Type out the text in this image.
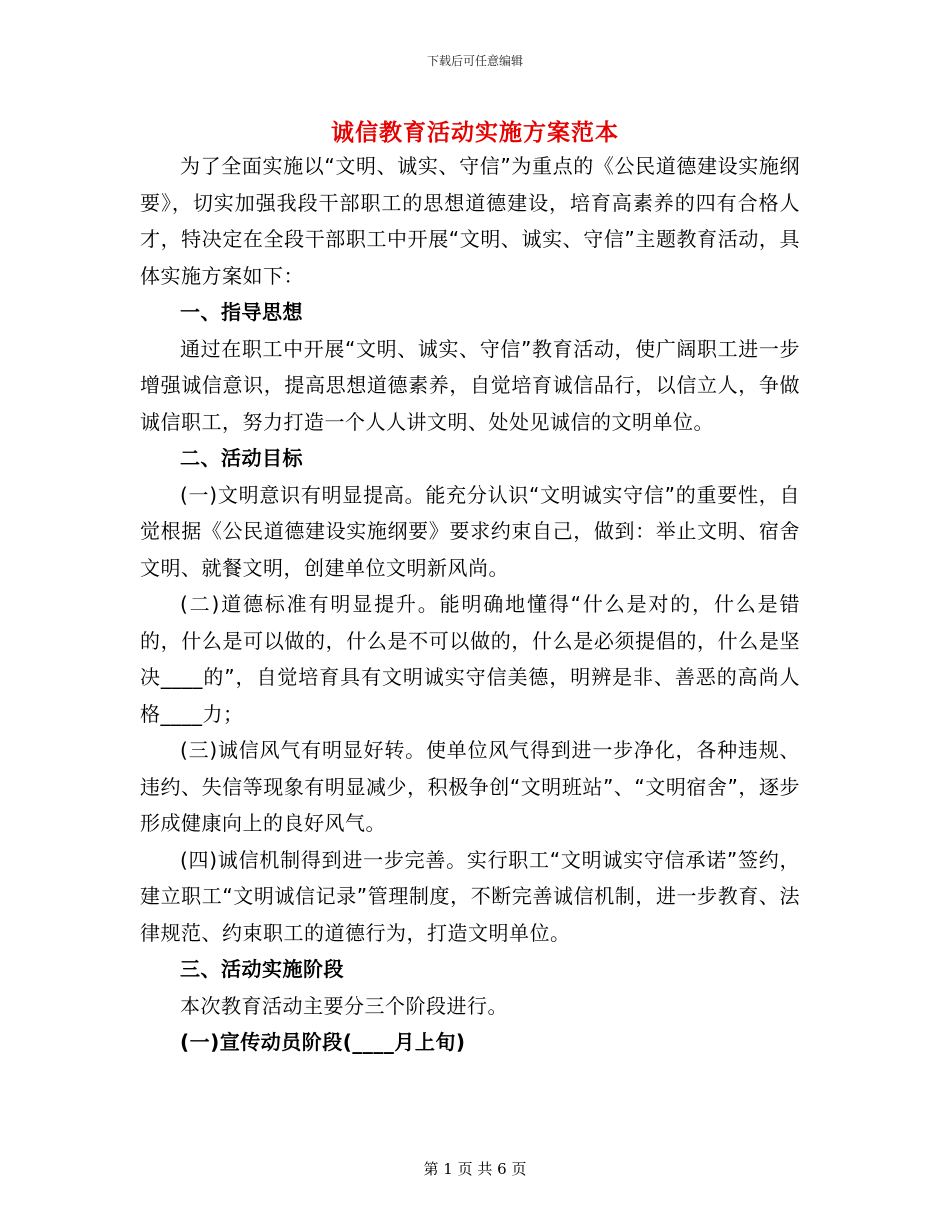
下载后可任意编辑
诚信教育活动实施方案范本

为了全面实施以“文明、诚实、守信”为重点的《公民道德建设实施纲要》，切实加强我段干部职工的思想道德建设，培育高素养的四有合格人才，特决定在全段干部职工中开展“文明、诚实、守信”主题教育活动，具体实施方案如下：

一、指导思想

通过在职工中开展“文明、诚实、守信”教育活动，使广阔职工进一步增强诚信意识，提高思想道德素养，自觉培育诚信品行，以信立人，争做诚信职工，努力打造一个人人讲文明、处处见诚信的文明单位。

二、活动目标

(一)文明意识有明显提高。能充分认识“文明诚实守信”的重要性，自觉根据《公民道德建设实施纲要》要求约束自己，做到：举止文明、宿舍文明、就餐文明，创建单位文明新风尚。

(二)道德标准有明显提升。能明确地懂得“什么是对的，什么是错的，什么是可以做的，什么是不可以做的，什么是必须提倡的，什么是坚决____的”，自觉培育具有文明诚实守信美德，明辨是非、善恶的高尚人格____力；

(三)诚信风气有明显好转。使单位风气得到进一步净化，各种违规、违约、失信等现象有明显减少，积极争创“文明班站”、“文明宿舍”，逐步形成健康向上的良好风气。

(四)诚信机制得到进一步完善。实行职工“文明诚实守信承诺”签约，建立职工“文明诚信记录”管理制度，不断完善诚信机制，进一步教育、法律规范、约束职工的道德行为，打造文明单位。

三、活动实施阶段

本次教育活动主要分三个阶段进行。

(一)宣传动员阶段(____月上旬)

第 1 页 共 6 页
